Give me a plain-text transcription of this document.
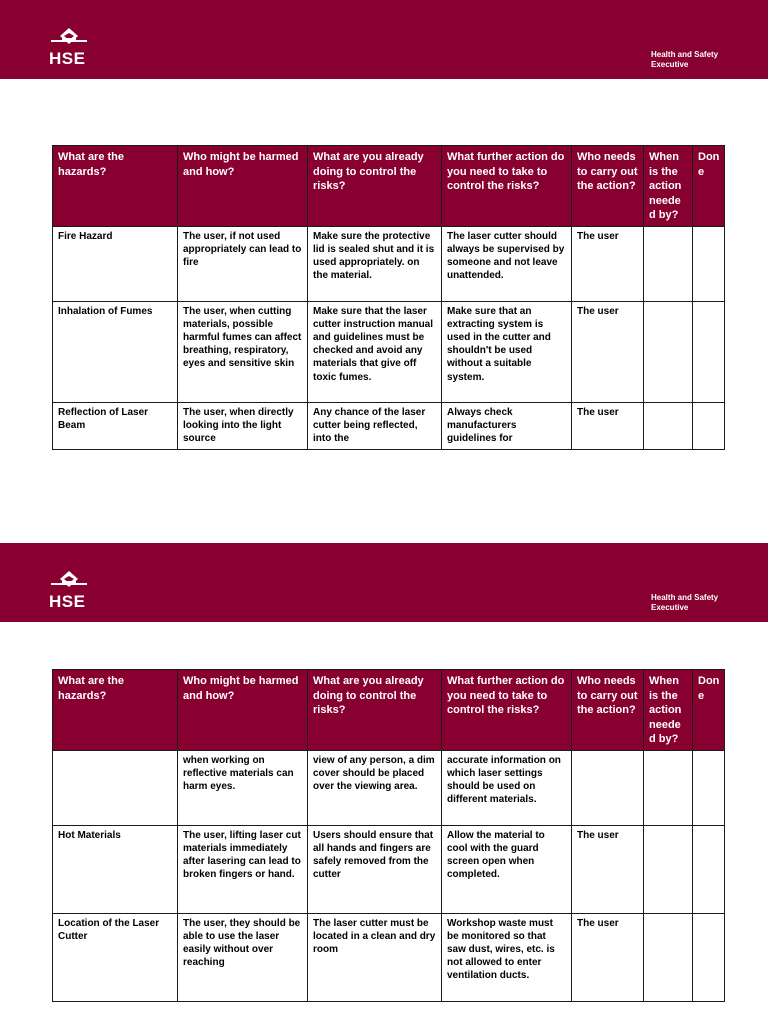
HSE	Health and Safety
Executive
What are the hazards?	Who might be harmed and how?	What are you already doing to control the risks?	What further action do you need to take to control the risks?	Who needs to carry out the action?	When is the action neede d by?	Don e
Fire Hazard	The user, if not used appropriately can lead to fire	Make sure the protective lid is sealed shut and it is used appropriately. on the material.	The laser cutter should always be supervised by someone and not leave unattended.	The user		
Inhalation of Fumes	The user, when cutting materials, possible harmful fumes can affect breathing, respiratory, eyes and sensitive skin	Make sure that the laser cutter instruction manual and guidelines must be checked and avoid any materials that give off toxic fumes.	Make sure that an extracting system is used in the cutter and shouldn't be used without a suitable system.	The user		
Reflection of Laser Beam	The user, when directly looking into the light source	Any chance of the laser cutter being reflected, into the	Always check manufacturers guidelines for	The user		
HSE	Health and Safety
Executive
What are the hazards?	Who might be harmed and how?	What are you already doing to control the risks?	What further action do you need to take to control the risks?	Who needs to carry out the action?	When is the action neede d by?	Don e
	when working on reflective materials can harm eyes.	view of any person, a dim cover should be placed over the viewing area.	accurate information on which laser settings should be used on different materials.			
Hot Materials	The user, lifting laser cut materials immediately after lasering can lead to broken fingers or hand.	Users should ensure that all hands and fingers are safely removed from the cutter	Allow the material to cool with the guard screen open when completed.	The user		
Location of the Laser Cutter	The user, they should be able to use the laser easily without over reaching	The laser cutter must be located in a clean and dry room	Workshop waste must be monitored so that saw dust, wires, etc. is not allowed to enter ventilation ducts.	The user		
